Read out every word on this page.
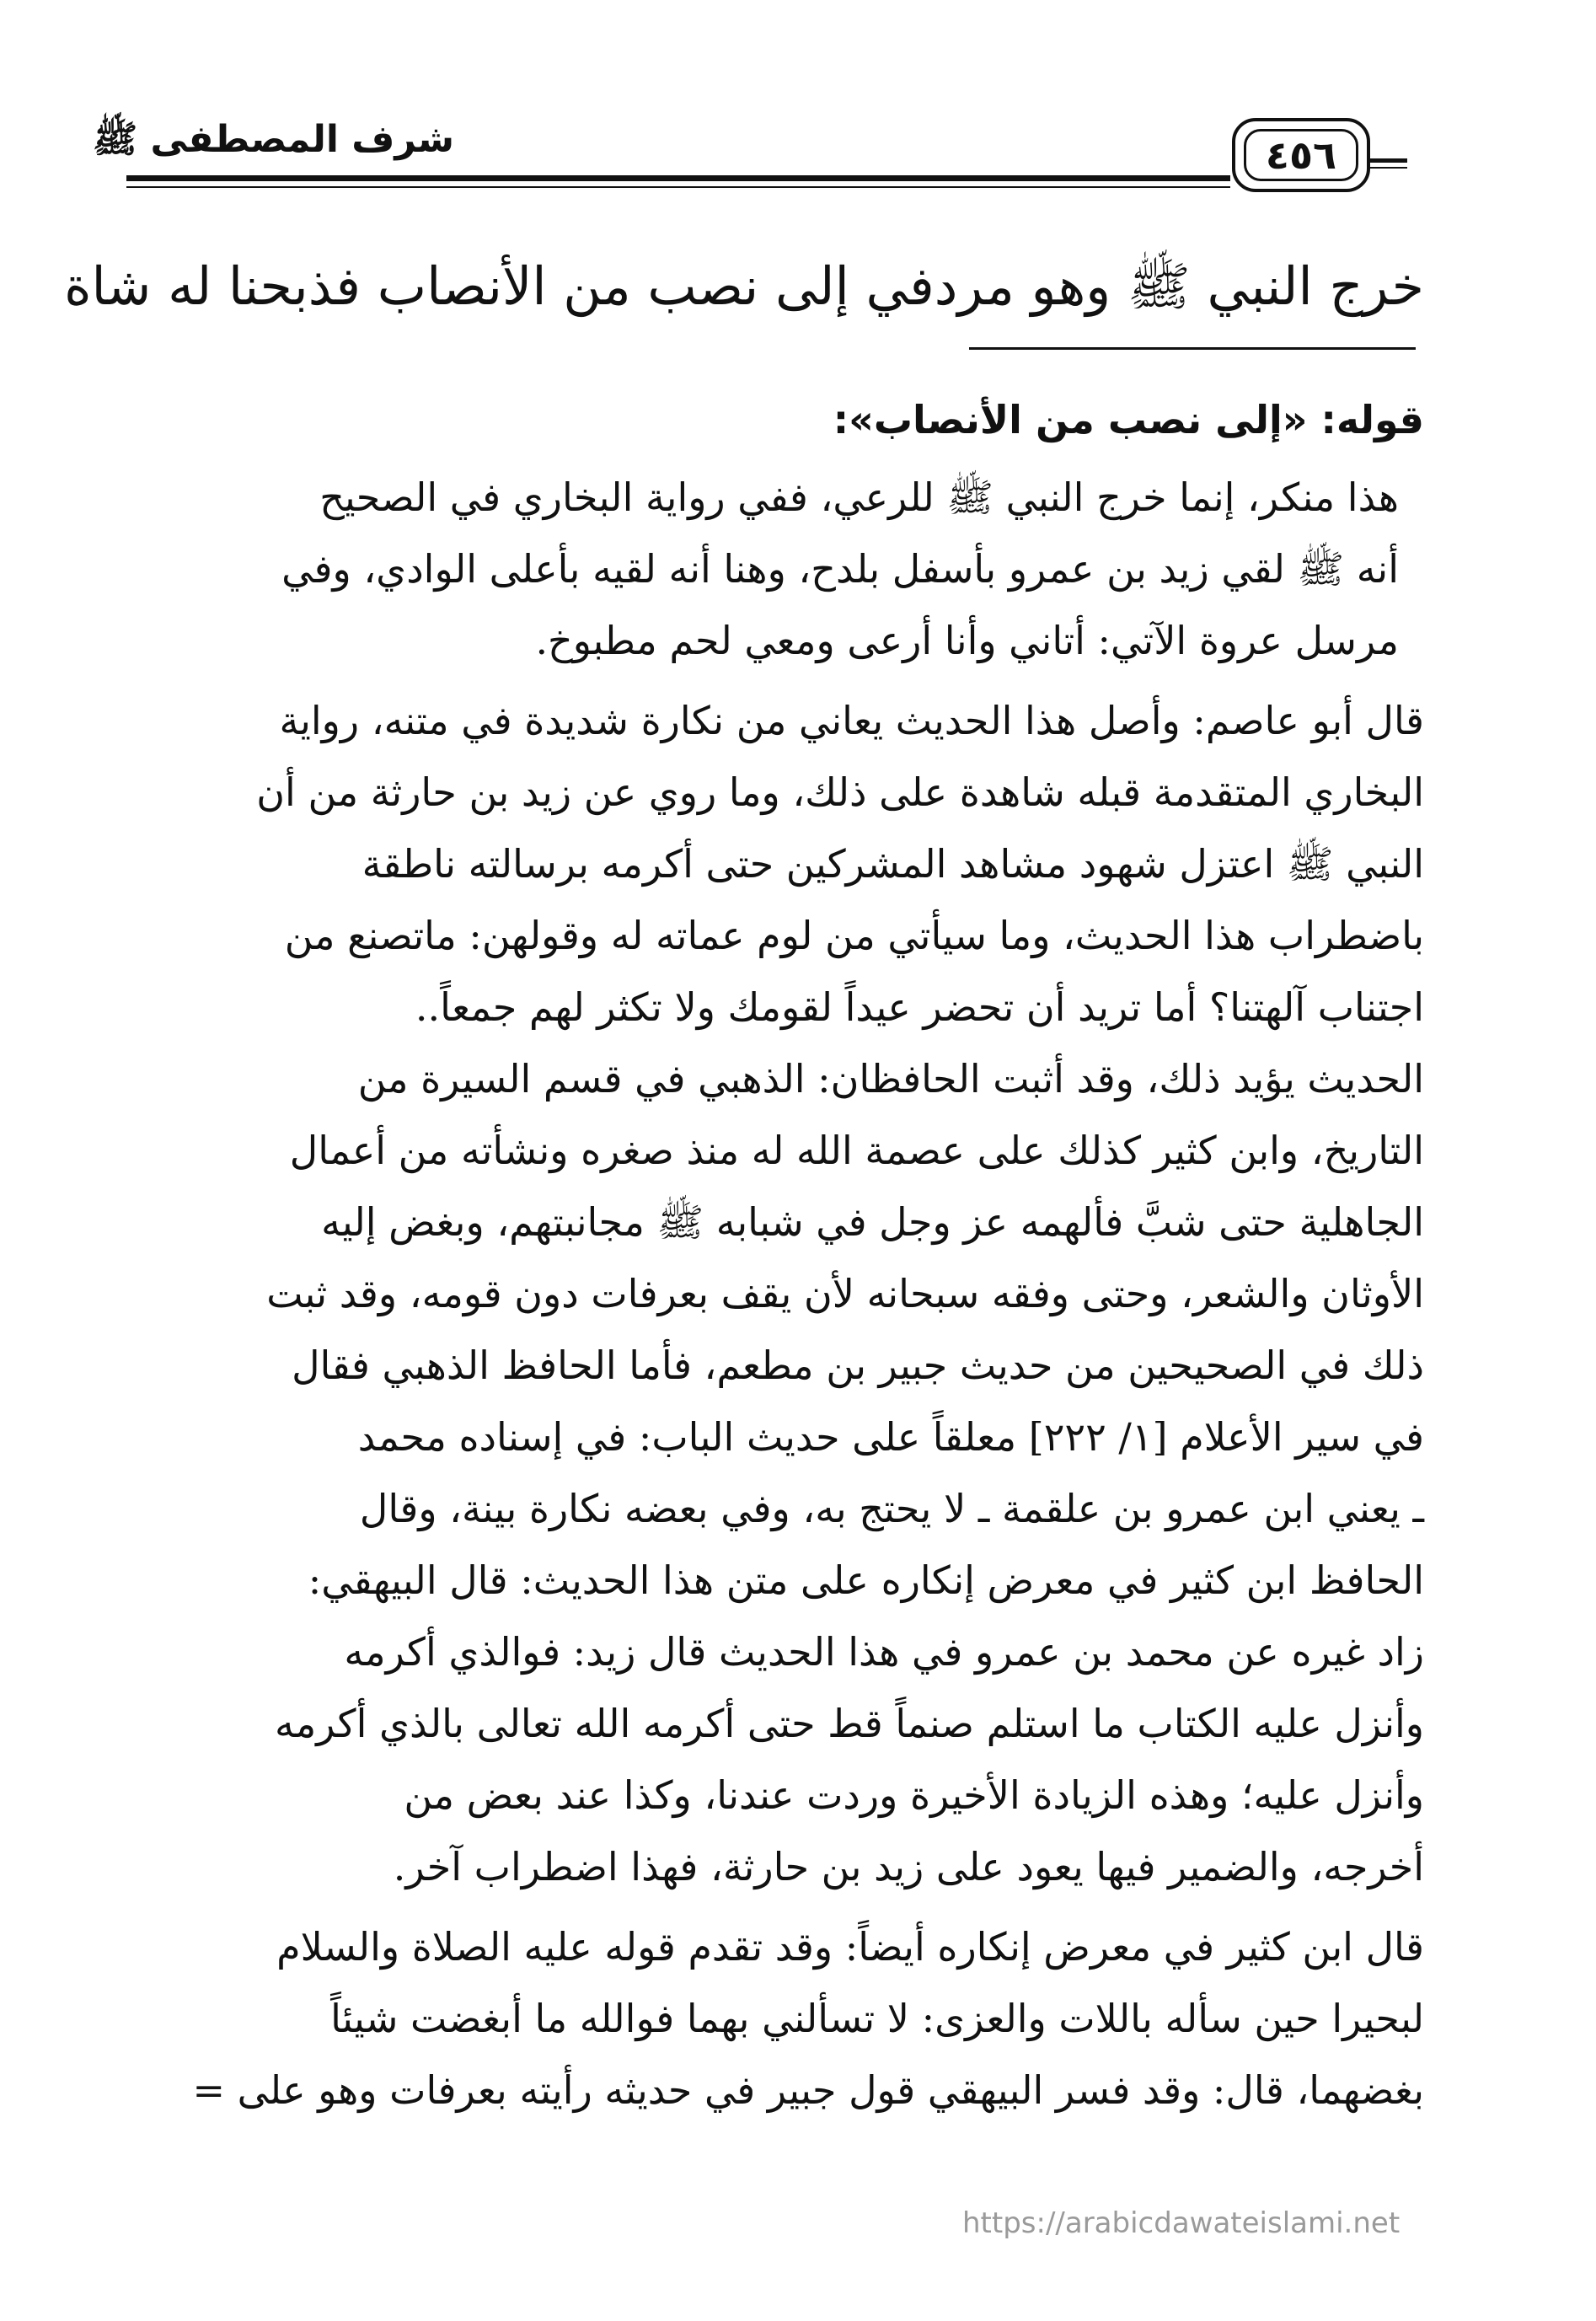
شرف المصطفى ﷺ	٤٥٦
خرج النبي ﷺ وهو مردفي إلى نصب من الأنصاب فذبحنا له شاة
قوله: «إلى نصب من الأنصاب»:

هذا منكر، إنما خرج النبي ﷺ للرعي، ففي رواية البخاري في الصحيح

أنه ﷺ لقي زيد بن عمرو بأسفل بلدح، وهنا أنه لقيه بأعلى الوادي، وفي

مرسل عروة الآتي: أتاني وأنا أرعى ومعي لحم مطبوخ.

قال أبو عاصم: وأصل هذا الحديث يعاني من نكارة شديدة في متنه، رواية

البخاري المتقدمة قبله شاهدة على ذلك، وما روي عن زيد بن حارثة من أن

النبي ﷺ اعتزل شهود مشاهد المشركين حتى أكرمه برسالته ناطقة

باضطراب هذا الحديث، وما سيأتي من لوم عماته له وقولهن: ماتصنع من

اجتناب آلهتنا؟ أما تريد أن تحضر عيداً لقومك ولا تكثر لهم جمعاً..

الحديث يؤيد ذلك، وقد أثبت الحافظان: الذهبي في قسم السيرة من

التاريخ، وابن كثير كذلك على عصمة الله له منذ صغره ونشأته من أعمال

الجاهلية حتى شبَّ فألهمه عز وجل في شبابه ﷺ مجانبتهم، وبغض إليه

الأوثان والشعر، وحتى وفقه سبحانه لأن يقف بعرفات دون قومه، وقد ثبت

ذلك في الصحيحين من حديث جبير بن مطعم، فأما الحافظ الذهبي فقال

في سير الأعلام [١/ ٢٢٢] معلقاً على حديث الباب: في إسناده محمد

ـ يعني ابن عمرو بن علقمة ـ لا يحتج به، وفي بعضه نكارة بينة، وقال

الحافظ ابن كثير في معرض إنكاره على متن هذا الحديث: قال البيهقي:

زاد غيره عن محمد بن عمرو في هذا الحديث قال زيد: فوالذي أكرمه

وأنزل عليه الكتاب ما استلم صنماً قط حتى أكرمه الله تعالى بالذي أكرمه

وأنزل عليه؛ وهذه الزيادة الأخيرة وردت عندنا، وكذا عند بعض من

أخرجه، والضمير فيها يعود على زيد بن حارثة، فهذا اضطراب آخر.

قال ابن كثير في معرض إنكاره أيضاً: وقد تقدم قوله عليه الصلاة والسلام

لبحيرا حين سأله باللات والعزى: لا تسألني بهما فوالله ما أبغضت شيئاً

بغضهما، قال: وقد فسر البيهقي قول جبير في حديثه رأيته بعرفات وهو على =

https://arabicdawateislami.net
